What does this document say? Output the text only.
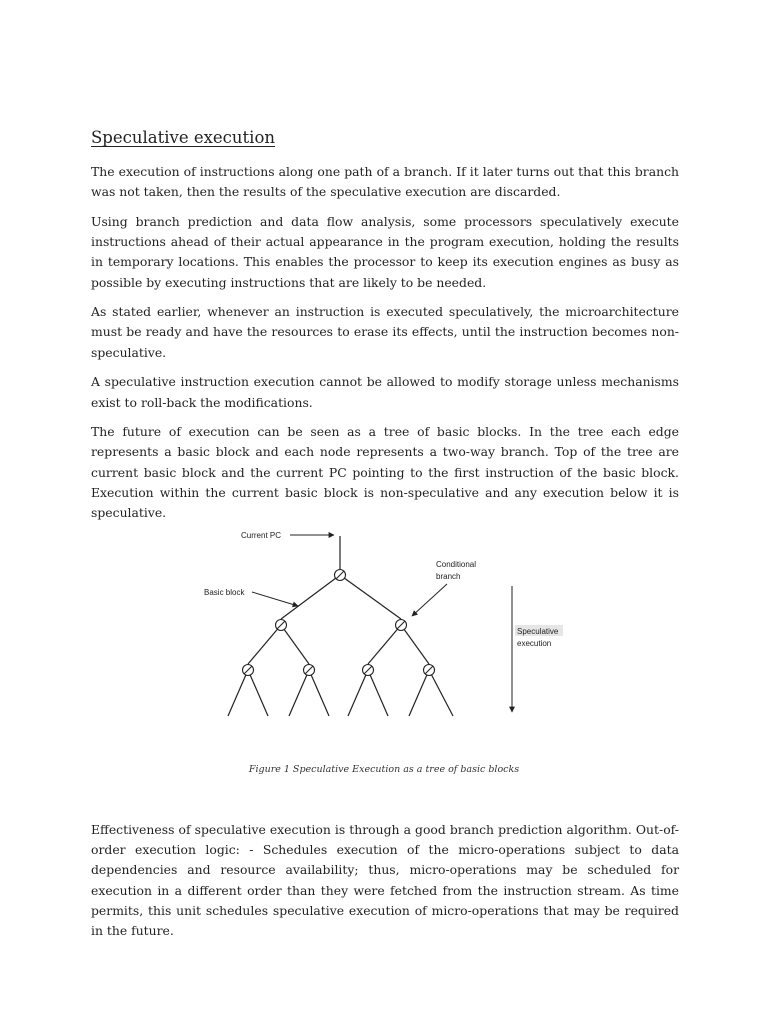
Speculative execution

The execution of instructions along one path of a branch. If it later turns out that this branch was not taken, then the results of the speculative execution are discarded.

Using branch prediction and data flow analysis, some processors speculatively execute instructions ahead of their actual appearance in the program execution, holding the results in temporary locations. This enables the processor to keep its execution engines as busy as possible by executing instructions that are likely to be needed.

As stated earlier, whenever an instruction is executed speculatively, the microarchitecture must be ready and have the resources to erase its effects, until the instruction becomes non-speculative.

A speculative instruction execution cannot be allowed to modify storage unless mechanisms exist to roll-back the modifications.

The future of execution can be seen as a tree of basic blocks. In the tree each edge represents a basic block and each node represents a two-way branch. Top of the tree are current basic block and the current PC pointing to the first instruction of the basic block. Execution within the current basic block is non-speculative and any execution below it is speculative.

Current PC
Conditional
branch
Basic block
Speculative
execution
Figure 1 Speculative Execution as a tree of basic blocks

Effectiveness of speculative execution is through a good branch prediction algorithm. Out-of-order execution logic: - Schedules execution of the micro-operations subject to data dependencies and resource availability; thus, micro-operations may be scheduled for execution in a different order than they were fetched from the instruction stream. As time permits, this unit schedules speculative execution of micro-operations that may be required in the future.
